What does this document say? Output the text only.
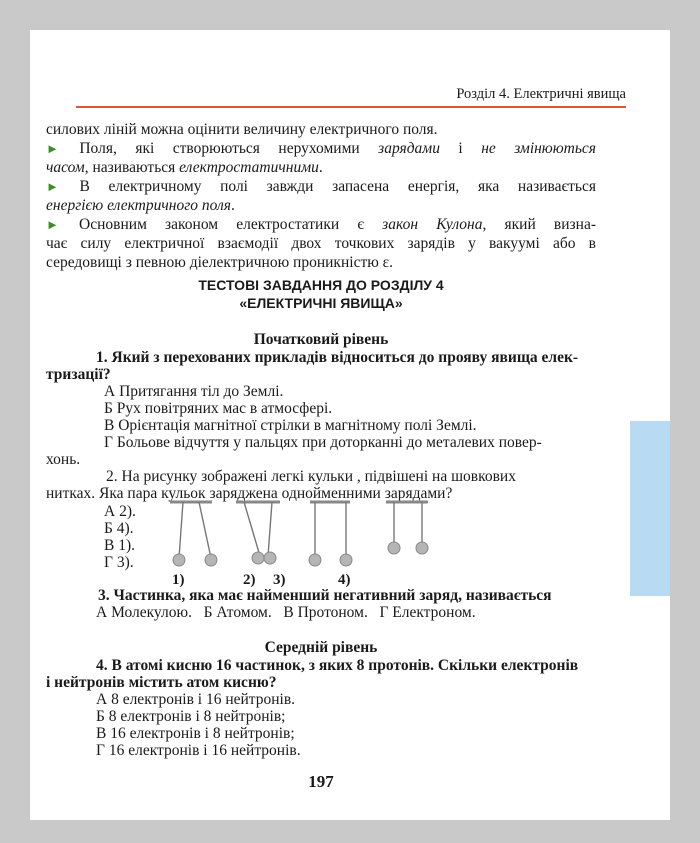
Розділ 4. Електричні явища
силових ліній можна оцінити величину електричного поля.
► Поля, які створюються нерухомими зарядами і не змінюються
часом, називаються електростатичними.
► В електричному полі завжди запасена енергія, яка називається
енергією електричного поля.
► Основним законом електростатики є закон Кулона, який визна-
чає силу електричної взаємодії двох точкових зарядів у вакуумі або в
середовищі з певною діелектричною проникністю ε.
ТЕСТОВІ ЗАВДАННЯ ДО РОЗДІЛУ 4
«ЕЛЕКТРИЧНІ ЯВИЩА»
Початковий рівень
1. Який з перехованих прикладів відноситься до прояву явища елек-
тризації?
А Притягання тіл до Землі.
Б Рух повітряних мас в атмосфері.
В Орієнтація магнітної стрілки в магнітному полі Землі.
Г Больове відчуття у пальцях при доторканні до металевих повер-
хонь.
2. На рисунку зображені легкі кульки , підвішені на шовкових
нитках. Яка пара кульок заряджена однойменними зарядами?
А 2).
Б 4).
В 1).
Г 3).
1)	2) 3)	4)
3. Частинка, яка має найменший негативний заряд, називається
А Молекулою.   Б Атомом.   В Протоном.   Г Електроном.
Середній рівень
4. В атомі кисню 16 частинок, з яких 8 протонів. Скільки електронів
і нейтронів містить атом кисню?
А 8 електронів і 16 нейтронів.
Б 8 електронів і 8 нейтронів;
В 16 електронів і 8 нейтронів;
Г 16 електронів і 16 нейтронів.
197
